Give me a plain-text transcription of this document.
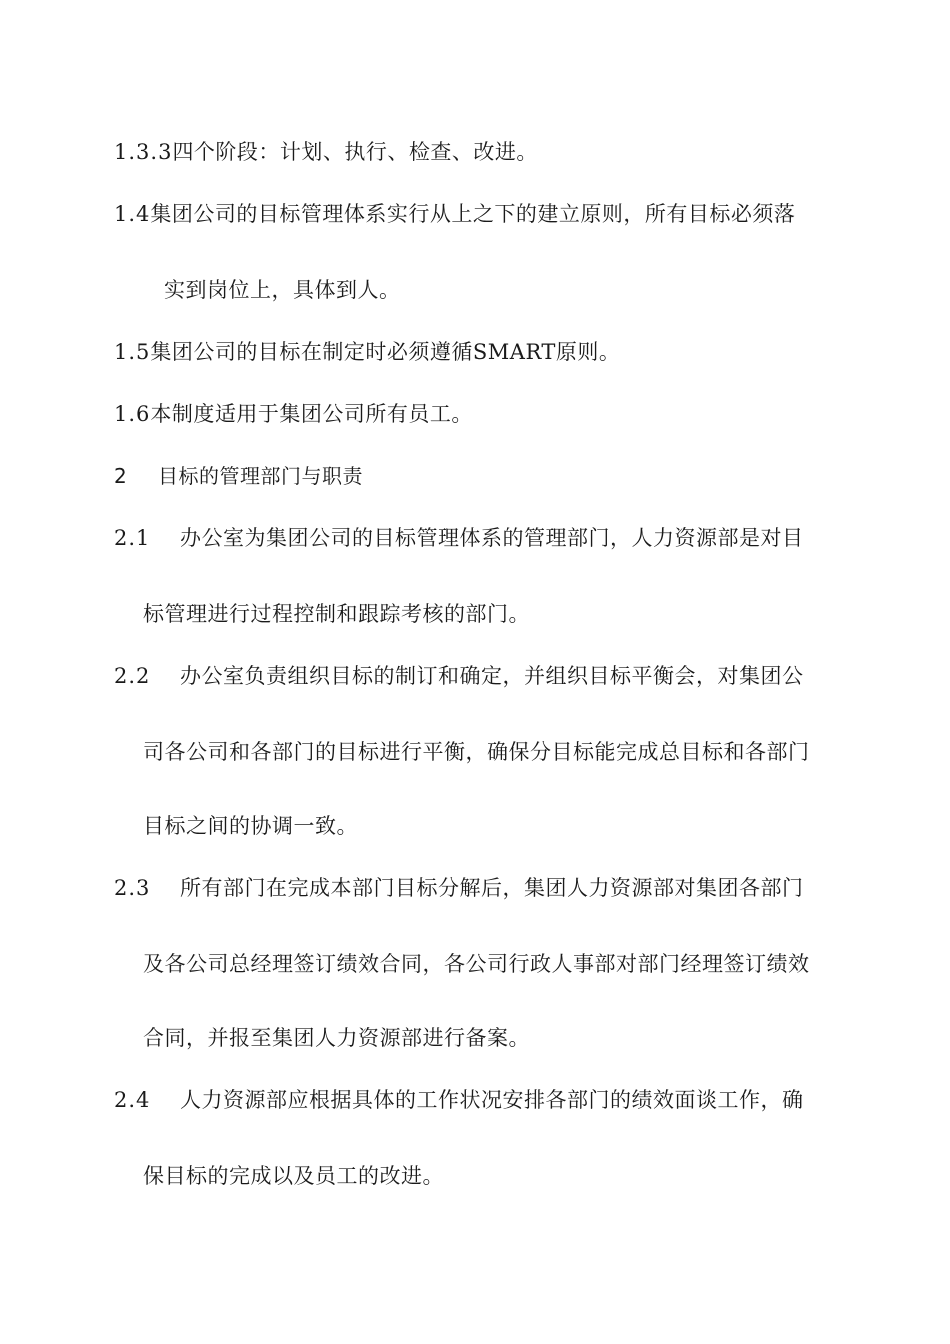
1.3.3四个阶段：计划、执行、检查、改进。
1.4集团公司的目标管理体系实行从上之下的建立原则，所有目标必须落
实到岗位上，具体到人。
1.5集团公司的目标在制定时必须遵循SMART原则。
1.6本制度适用于集团公司所有员工。
2 目标的管理部门与职责
2.1 办公室为集团公司的目标管理体系的管理部门，人力资源部是对目
标管理进行过程控制和跟踪考核的部门。
2.2 办公室负责组织目标的制订和确定，并组织目标平衡会，对集团公
司各公司和各部门的目标进行平衡，确保分目标能完成总目标和各部门
目标之间的协调一致。
2.3 所有部门在完成本部门目标分解后，集团人力资源部对集团各部门
及各公司总经理签订绩效合同，各公司行政人事部对部门经理签订绩效
合同，并报至集团人力资源部进行备案。
2.4 人力资源部应根据具体的工作状况安排各部门的绩效面谈工作，确
保目标的完成以及员工的改进。
